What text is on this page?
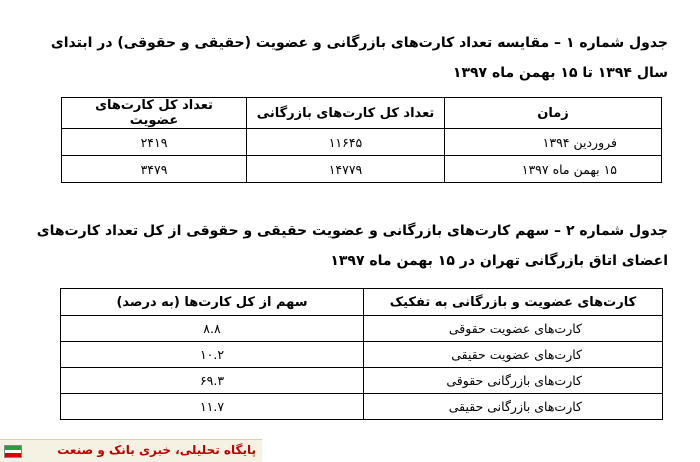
جدول شماره ۱ – مقایسه تعداد کارت‌های بازرگانی و عضویت (حقیقی و حقوقی) در ابتدای سال ۱۳۹۴ تا ۱۵ بهمن ماه ۱۳۹۷
زمان	تعداد کل کارت‌های بازرگانی	تعداد کل کارت‌های عضویت
فروردین ۱۳۹۴	۱۱۶۴۵	۲۴۱۹
۱۵ بهمن ماه ۱۳۹۷	۱۴۷۷۹	۳۴۷۹
جدول شماره ۲ – سهم کارت‌های بازرگانی و عضویت حقیقی و حقوقی از کل تعداد کارت‌های اعضای اتاق بازرگانی تهران در ۱۵ بهمن ماه ۱۳۹۷
کارت‌های عضویت و بازرگانی به تفکیک	سهم از کل کارت‌ها (به درصد)
کارت‌های عضویت حقوقی	۸.۸
کارت‌های عضویت حقیقی	۱۰.۲
کارت‌های بازرگانی حقوقی	۶۹.۳
کارت‌های بازرگانی حقیقی	۱۱.۷
پایگاه تحلیلی، خبری بانک و صنعت
